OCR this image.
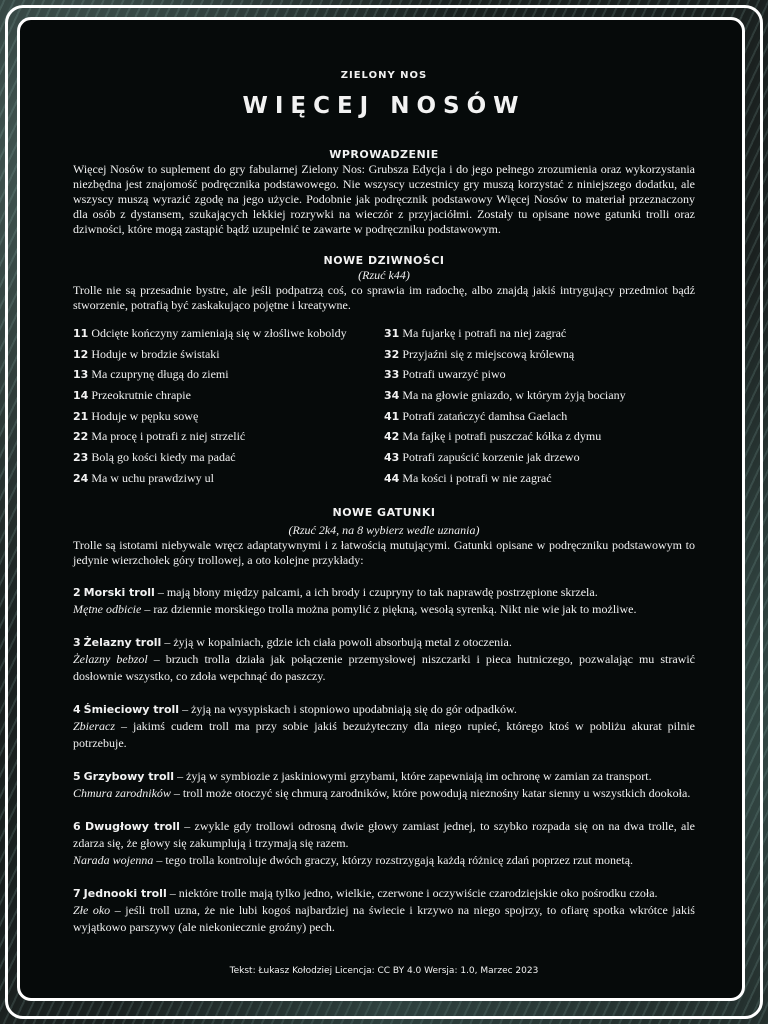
ZIELONY NOS
WIĘCEJ NOSÓW
WPROWADZENIE

Więcej Nosów to suplement do gry fabularnej Zielony Nos: Grubsza Edycja i do jego pełnego zrozumienia oraz wykorzystania niezbędna jest znajomość podręcznika podstawowego. Nie wszyscy uczestnicy gry muszą korzystać z niniejszego dodatku, ale wszyscy muszą wyrazić zgodę na jego użycie. Podobnie jak podręcznik podstawowy Więcej Nosów to materiał przeznaczony dla osób z dystansem, szukających lekkiej rozrywki na wieczór z przyjaciółmi. Zostały tu opisane nowe gatunki trolli oraz dziwności, które mogą zastąpić bądź uzupełnić te zawarte w podręczniku podstawowym.

NOWE DZIWNOŚCI
(Rzuć k44)

Trolle nie są przesadnie bystre, ale jeśli podpatrzą coś, co sprawia im radochę, albo znajdą jakiś intrygujący przedmiot bądź stworzenie, potrafią być zaskakująco pojętne i kreatywne.

11 Odcięte kończyny zamieniają się w złośliwe koboldy
12 Hoduje w brodzie świstaki
13 Ma czuprynę długą do ziemi
14 Przeokrutnie chrapie
21 Hoduje w pępku sowę
22 Ma procę i potrafi z niej strzelić
23 Bolą go kości kiedy ma padać
24 Ma w uchu prawdziwy ul
31 Ma fujarkę i potrafi na niej zagrać
32 Przyjaźni się z miejscową królewną
33 Potrafi uwarzyć piwo
34 Ma na głowie gniazdo, w którym żyją bociany
41 Potrafi zatańczyć damhsa Gaelach
42 Ma fajkę i potrafi puszczać kółka z dymu
43 Potrafi zapuścić korzenie jak drzewo
44 Ma kości i potrafi w nie zagrać
NOWE GATUNKI
(Rzuć 2k4, na 8 wybierz wedle uznania)

Trolle są istotami niebywale wręcz adaptatywnymi i z łatwością mutującymi. Gatunki opisane w podręczniku podstawowym to jedynie wierzchołek góry trollowej, a oto kolejne przykłady:

2 Morski troll – mają błony między palcami, a ich brody i czupryny to tak naprawdę postrzępione skrzela.

Mętne odbicie – raz dziennie morskiego trolla można pomylić z piękną, wesołą syrenką. Nikt nie wie jak to możliwe.

3 Żelazny troll – żyją w kopalniach, gdzie ich ciała powoli absorbują metal z otoczenia.

Żelazny bebzol – brzuch trolla działa jak połączenie przemysłowej niszczarki i pieca hutniczego, pozwalając mu strawić dosłownie wszystko, co zdoła wepchnąć do paszczy.

4 Śmieciowy troll – żyją na wysypiskach i stopniowo upodabniają się do gór odpadków.

Zbieracz – jakimś cudem troll ma przy sobie jakiś bezużyteczny dla niego rupieć, którego ktoś w pobliżu akurat pilnie potrzebuje.

5 Grzybowy troll – żyją w symbiozie z jaskiniowymi grzybami, które zapewniają im ochronę w zamian za transport.

Chmura zarodników – troll może otoczyć się chmurą zarodników, które powodują nieznośny katar sienny u wszystkich dookoła.

6 Dwugłowy troll – zwykle gdy trollowi odrosną dwie głowy zamiast jednej, to szybko rozpada się on na dwa trolle, ale zdarza się, że głowy się zakumplują i trzymają się razem.

Narada wojenna – tego trolla kontroluje dwóch graczy, którzy rozstrzygają każdą różnicę zdań poprzez rzut monetą.

7 Jednooki troll – niektóre trolle mają tylko jedno, wielkie, czerwone i oczywiście czarodziejskie oko pośrodku czoła.

Złe oko – jeśli troll uzna, że nie lubi kogoś najbardziej na świecie i krzywo na niego spojrzy, to ofiarę spotka wkrótce jakiś wyjątkowo parszywy (ale niekoniecznie groźny) pech.

Tekst: Łukasz Kołodziej Licencja: CC BY 4.0 Wersja: 1.0, Marzec 2023
